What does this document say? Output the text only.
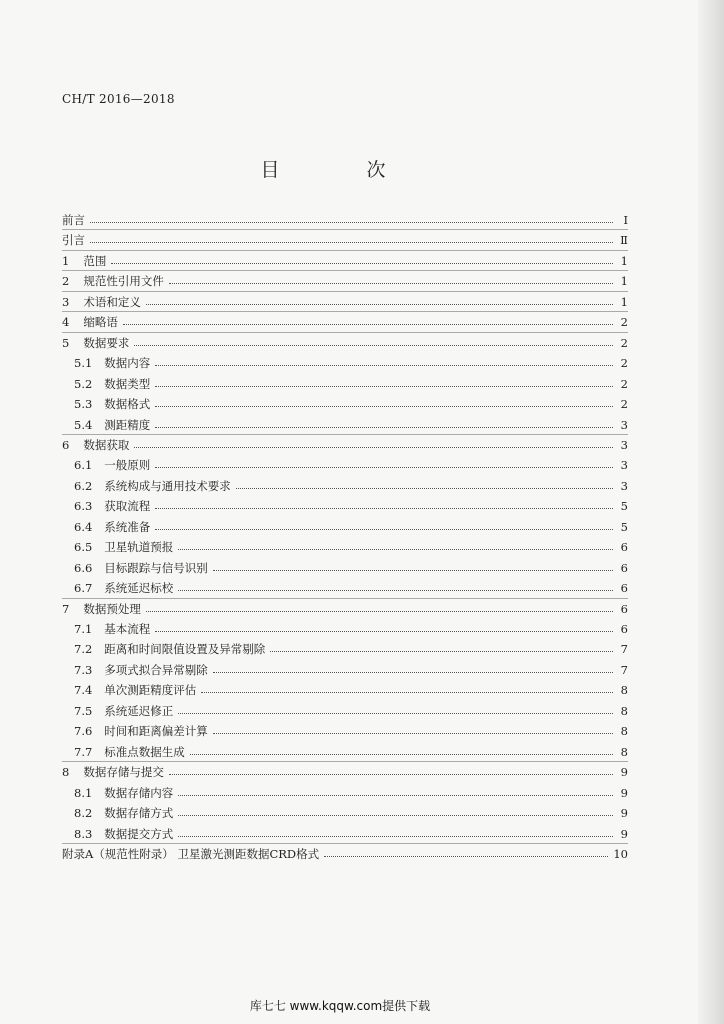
CH/T 2016—2018
目　次
前言	Ⅰ
引言	Ⅱ
1 范围	1
2 规范性引用文件	1
3 术语和定义	1
4 缩略语	2
5 数据要求	2
5.1 数据内容	2
5.2 数据类型	2
5.3 数据格式	2
5.4 测距精度	3
6 数据获取	3
6.1 一般原则	3
6.2 系统构成与通用技术要求	3
6.3 获取流程	5
6.4 系统准备	5
6.5 卫星轨道预报	6
6.6 目标跟踪与信号识别	6
6.7 系统延迟标校	6
7 数据预处理	6
7.1 基本流程	6
7.2 距离和时间限值设置及异常剔除	7
7.3 多项式拟合异常剔除	7
7.4 单次测距精度评估	8
7.5 系统延迟修正	8
7.6 时间和距离偏差计算	8
7.7 标准点数据生成	8
8 数据存储与提交	9
8.1 数据存储内容	9
8.2 数据存储方式	9
8.3 数据提交方式	9
附录A（规范性附录） 卫星激光测距数据CRD格式	10
库七七 www.kqqw.com提供下载
